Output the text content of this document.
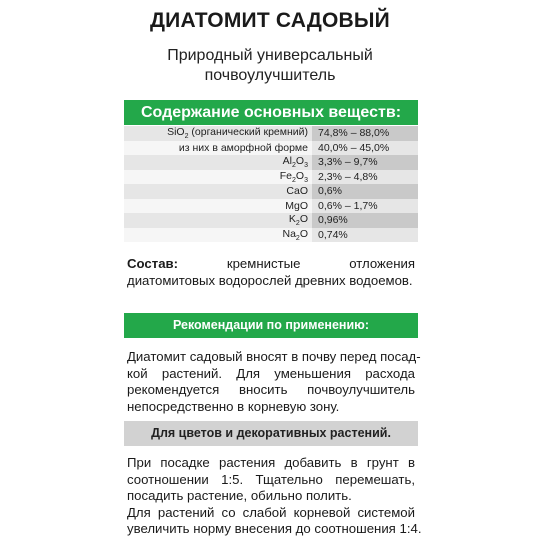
ДИАТОМИТ САДОВЫЙ
Природный универсальный
почвоулучшитель
Содержание основных веществ:
SiO$_2$ (органический кремний)	74,8% – 88,0%
из них в аморфной форме	40,0% – 45,0%
$Al_2O_3$	3,3% – 9,7%
$Fe_2O_3$	2,3% – 4,8%
CaO	0,6%
MgO	0,6% – 1,7%
$K_2O$	0,96%
$Na_2O$	0,74%
Состав: кремнистые отложения
диатомитовых водорослей древних водоемов.
Рекомендации по применению:
Диатомит садовый вносят в почву перед посад-
кой растений. Для уменьшения расхода
рекомендуется вносить почвоулучшитель
непосредственно в корневую зону.
Для цветов и декоративных растений.
При посадке растения добавить в грунт в
соотношении 1:5. Тщательно перемешать,
посадить растение, обильно полить.
Для растений со слабой корневой системой
увеличить норму внесения до соотношения 1:4.
